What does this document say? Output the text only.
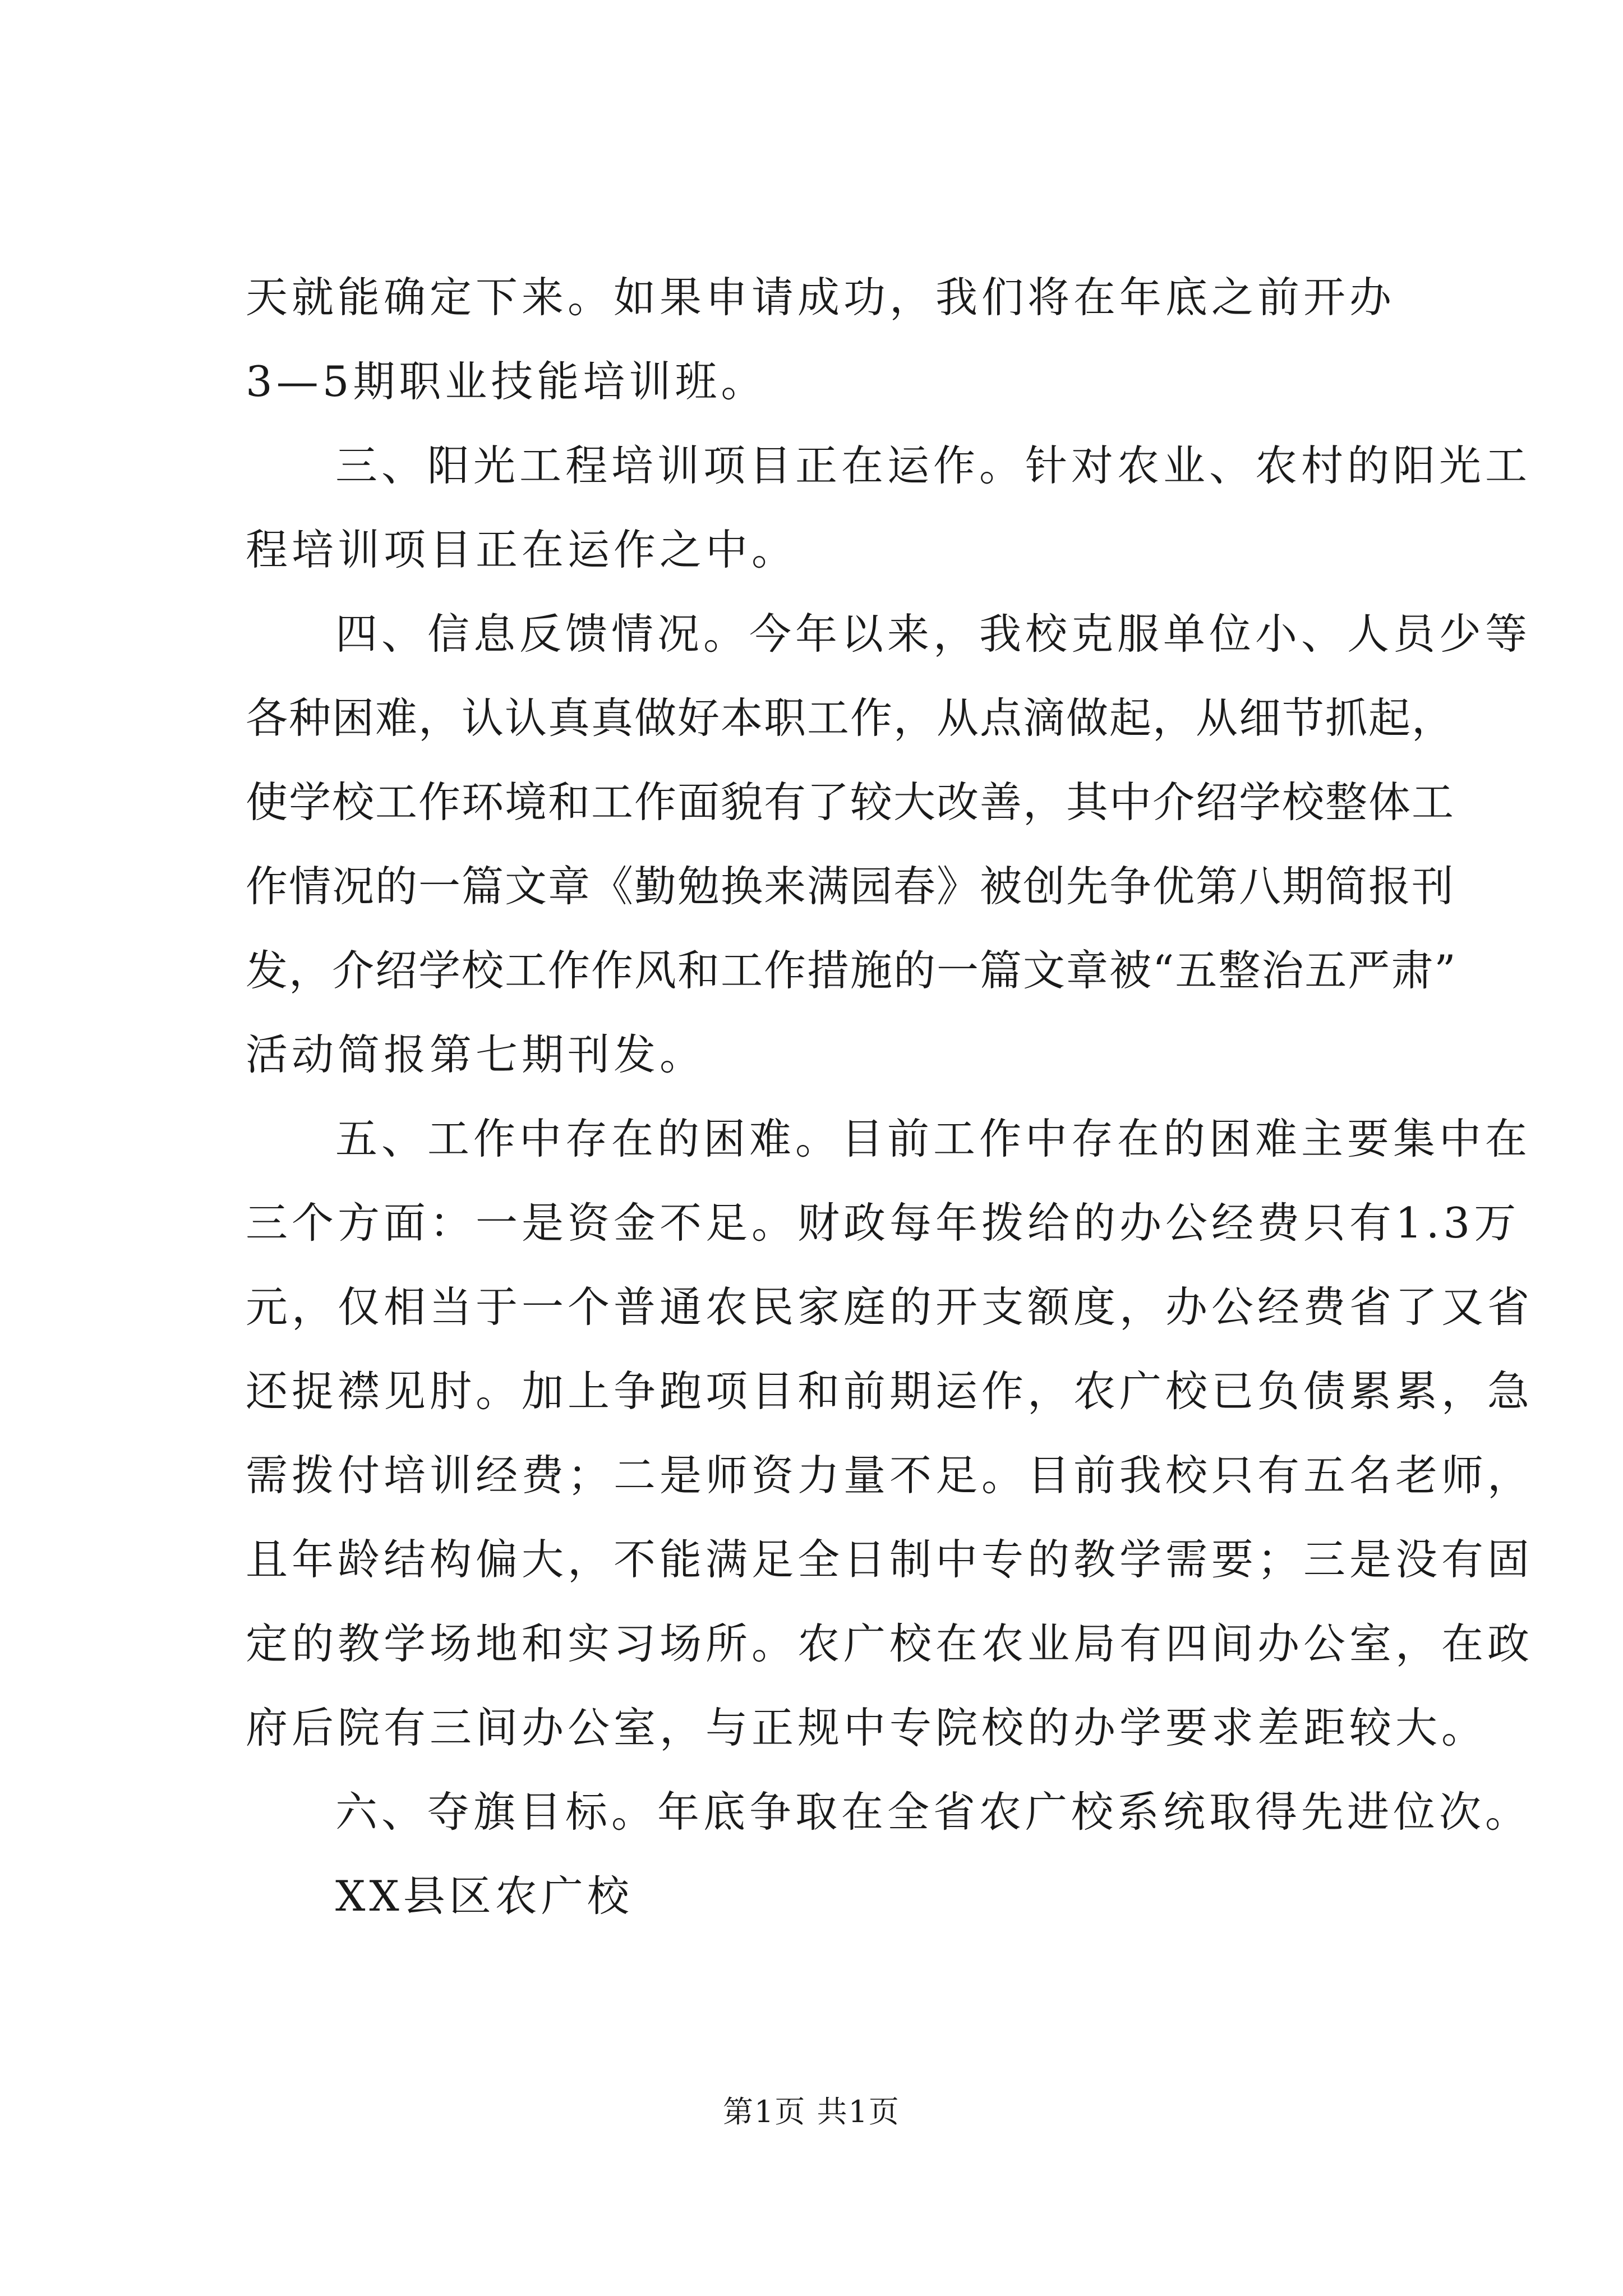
天就能确定下来。如果申请成功，我们将在年底之前开办
3—5期职业技能培训班。
三、阳光工程培训项目正在运作。针对农业、农村的阳光工
程培训项目正在运作之中。
四、信息反馈情况。今年以来，我校克服单位小、人员少等
各种困难，认认真真做好本职工作，从点滴做起，从细节抓起，
使学校工作环境和工作面貌有了较大改善，其中介绍学校整体工
作情况的一篇文章《勤勉换来满园春》被创先争优第八期简报刊
发，介绍学校工作作风和工作措施的一篇文章被“五整治五严肃”
活动简报第七期刊发。
五、工作中存在的困难。目前工作中存在的困难主要集中在
三个方面：一是资金不足。财政每年拨给的办公经费只有1.3万
元，仅相当于一个普通农民家庭的开支额度，办公经费省了又省
还捉襟见肘。加上争跑项目和前期运作，农广校已负债累累，急
需拨付培训经费；二是师资力量不足。目前我校只有五名老师，
且年龄结构偏大，不能满足全日制中专的教学需要；三是没有固
定的教学场地和实习场所。农广校在农业局有四间办公室，在政
府后院有三间办公室，与正规中专院校的办学要求差距较大。
六、夺旗目标。年底争取在全省农广校系统取得先进位次。
XX县区农广校
第1页 共1页
